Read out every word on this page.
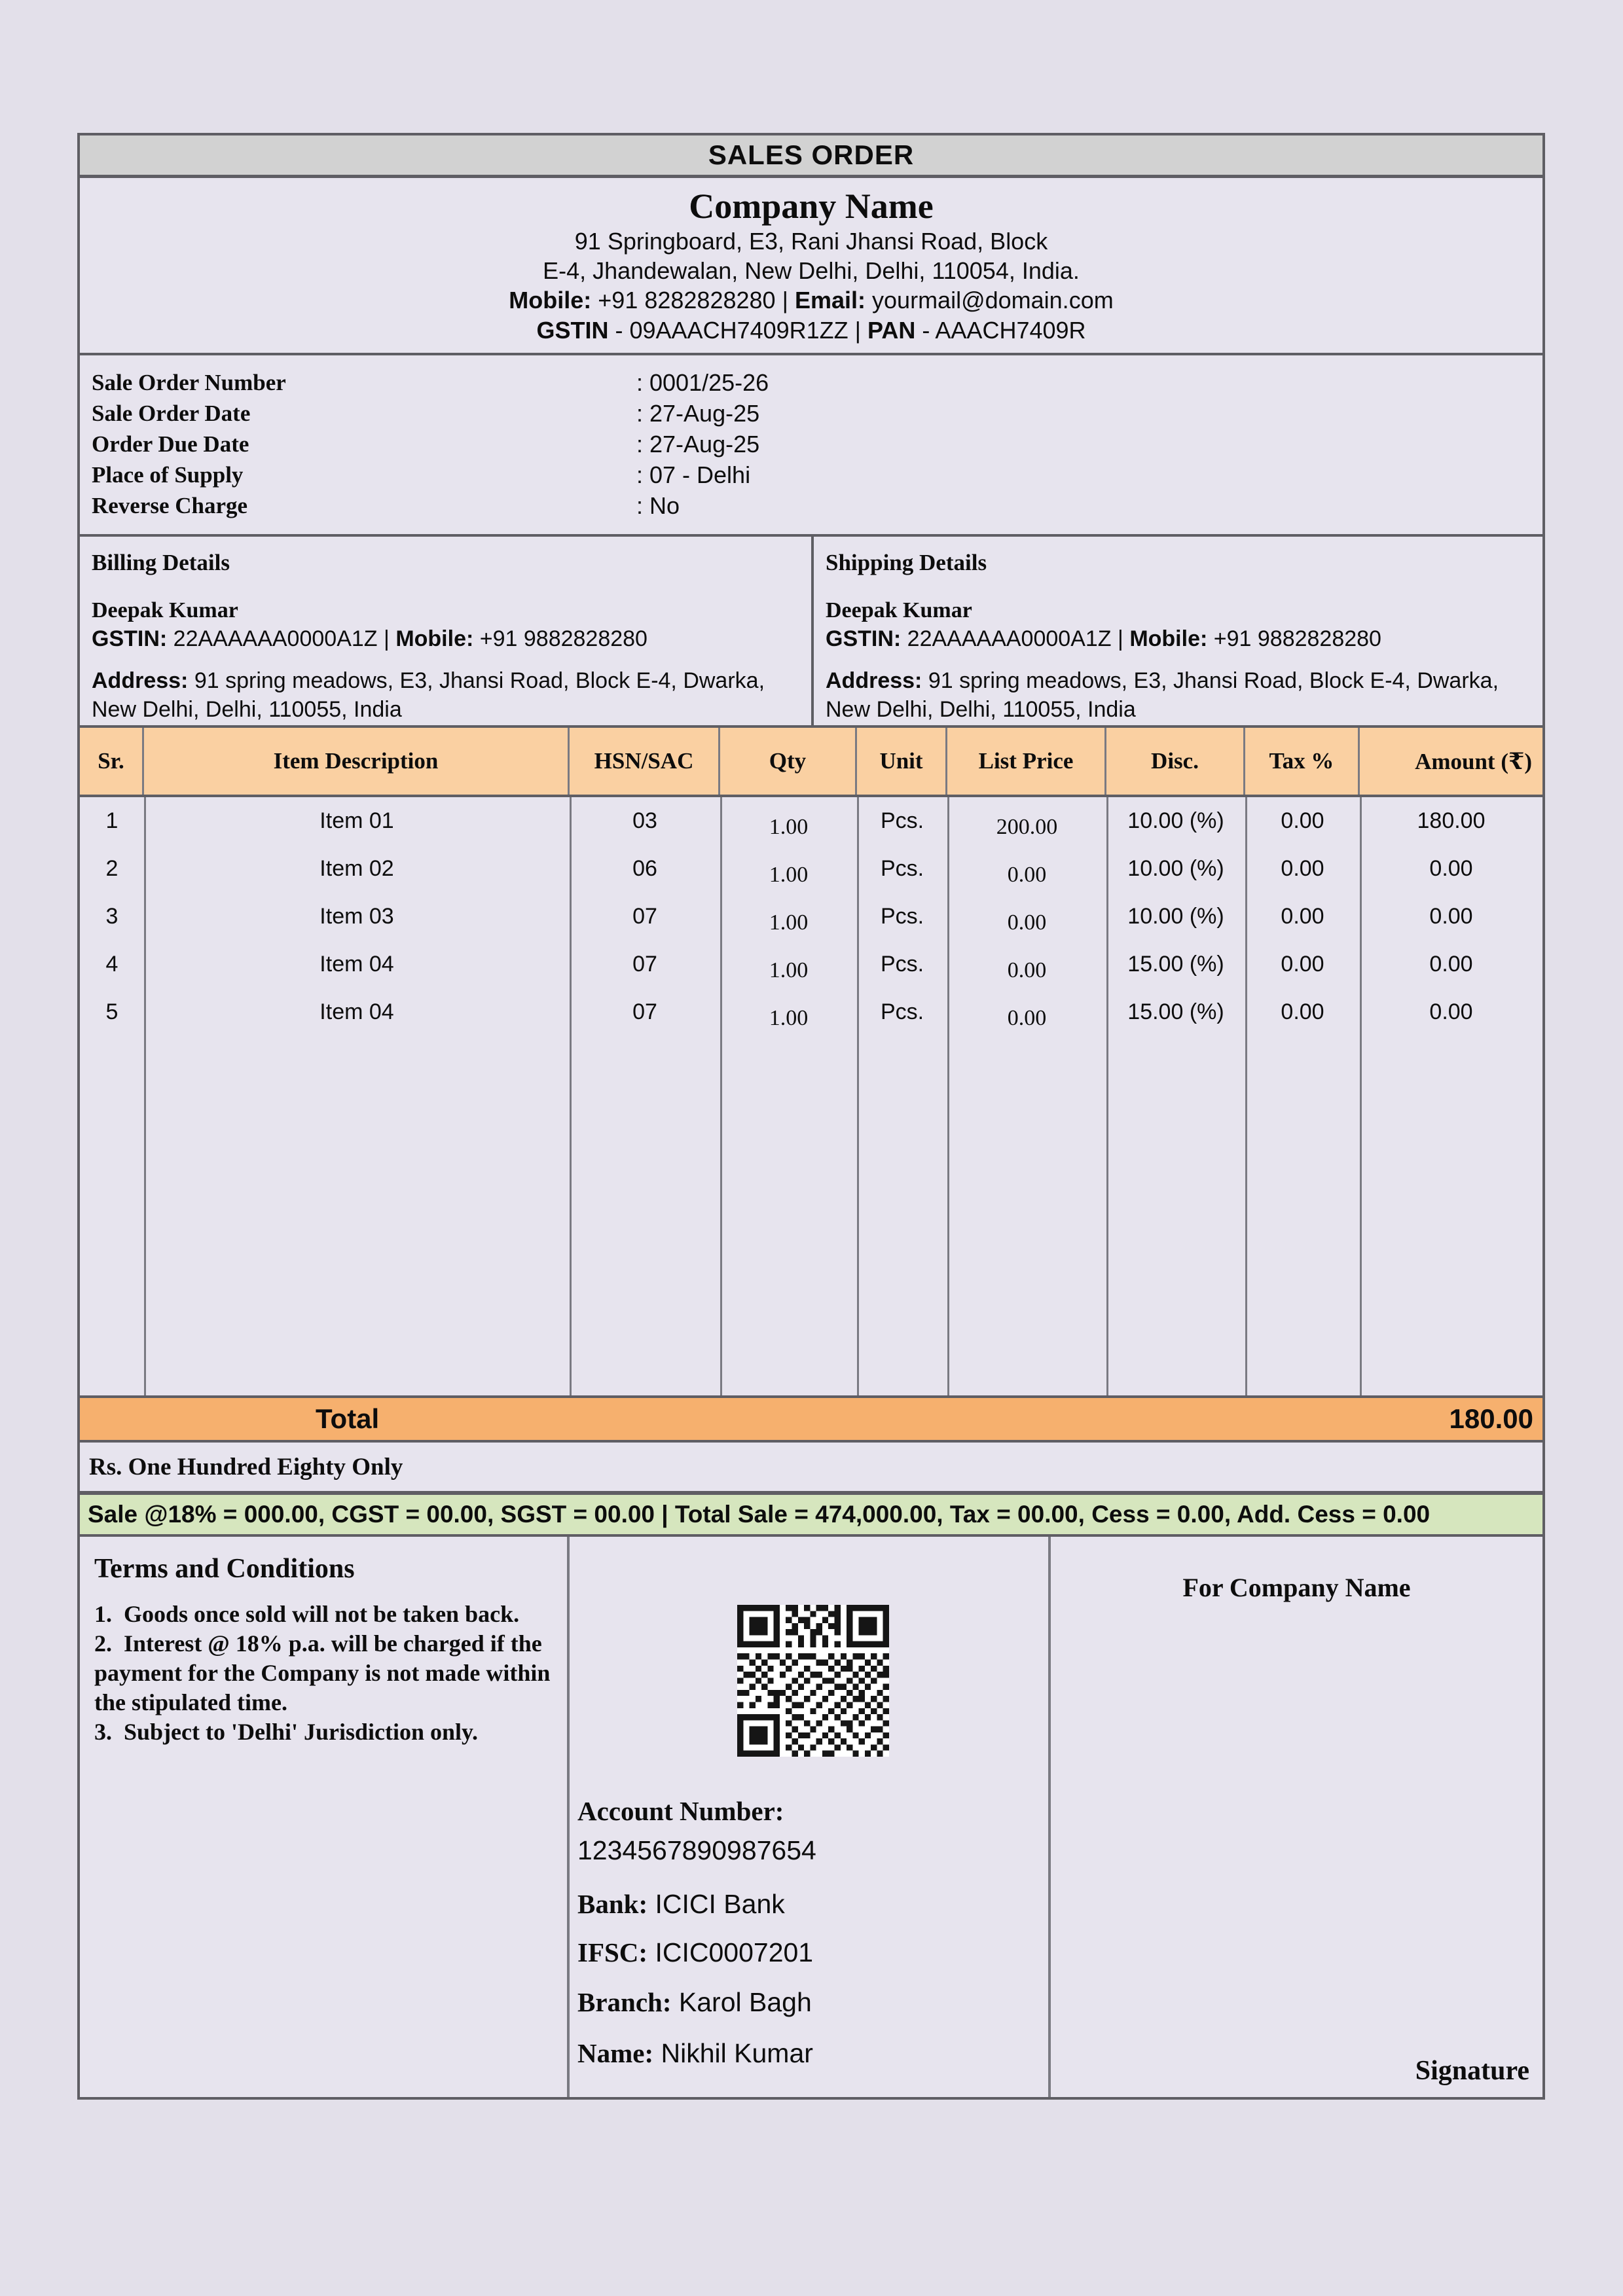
SALES ORDER
Company Name
91 Springboard, E3, Rani Jhansi Road, Block
E-4, Jhandewalan, New Delhi, Delhi, 110054, India.
Mobile: +91 8282828280 | Email: yourmail@domain.com
GSTIN - 09AAACH7409R1ZZ | PAN - AAACH7409R
Sale Order Number	: 0001/25-26
Sale Order Date	: 27-Aug-25
Order Due Date	: 27-Aug-25
Place of Supply	: 07 - Delhi
Reverse Charge	: No
Billing Details
Deepak Kumar
GSTIN: 22AAAAAA0000A1Z | Mobile: +91 9882828280
Address: 91 spring meadows, E3, Jhansi Road, Block E-4, Dwarka, New Delhi, Delhi, 110055, India
Shipping Details
Deepak Kumar
GSTIN: 22AAAAAA0000A1Z | Mobile: +91 9882828280
Address: 91 spring meadows, E3, Jhansi Road, Block E-4, Dwarka, New Delhi, Delhi, 110055, India
Sr.	Item Description	HSN/SAC	Qty	Unit	List Price	Disc.	Tax %	Amount (₹)
1	Item 01	03	1.00	Pcs.	200.00	10.00 (%)	0.00	180.00
2	Item 02	06	1.00	Pcs.	0.00	10.00 (%)	0.00	0.00
3	Item 03	07	1.00	Pcs.	0.00	10.00 (%)	0.00	0.00
4	Item 04	07	1.00	Pcs.	0.00	15.00 (%)	0.00	0.00
5	Item 04	07	1.00	Pcs.	0.00	15.00 (%)	0.00	0.00
Total	180.00
Rs. One Hundred Eighty Only
Sale @18% = 000.00, CGST = 00.00, SGST = 00.00 | Total Sale = 474,000.00, Tax = 00.00, Cess = 0.00, Add. Cess = 0.00
Terms and Conditions
1.  Goods once sold will not be taken back.
2.  Interest @ 18% p.a. will be charged if the payment for the Company is not made within the stipulated time.
3.  Subject to 'Delhi' Jurisdiction only.
Account Number:
1234567890987654
Bank: ICICI Bank
IFSC: ICIC0007201
Branch: Karol Bagh
Name: Nikhil Kumar
For Company Name
Signature
